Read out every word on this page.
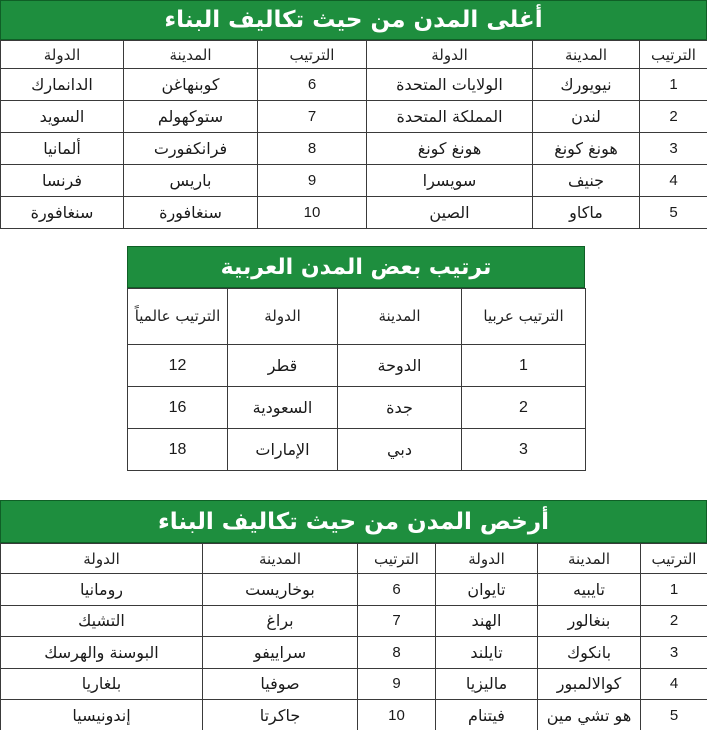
أغلى المدن من حيث تكاليف البناء
الترتيب	المدينة	الدولة	الترتيب	المدينة	الدولة
1	نيويورك	الولايات المتحدة	6	كوبنهاغن	الدانمارك
2	لندن	المملكة المتحدة	7	ستوكهولم	السويد
3	هونغ كونغ	هونغ كونغ	8	فرانكفورت	ألمانيا
4	جنيف	سويسرا	9	باريس	فرنسا
5	ماكاو	الصين	10	سنغافورة	سنغافورة
ترتيب بعض المدن العربية
الترتيب عربيا	المدينة	الدولة	الترتيب عالمياً
1	الدوحة	قطر	12
2	جدة	السعودية	16
3	دبي	الإمارات	18
أرخص المدن من حيث تكاليف البناء
الترتيب	المدينة	الدولة	الترتيب	المدينة	الدولة
1	تايبيه	تايوان	6	بوخاريست	رومانيا
2	بنغالور	الهند	7	براغ	التشيك
3	بانكوك	تايلند	8	سراييفو	البوسنة والهرسك
4	كوالالمبور	ماليزيا	9	صوفيا	بلغاريا
5	هو تشي مين	فيتنام	10	جاكرتا	إندونيسيا
